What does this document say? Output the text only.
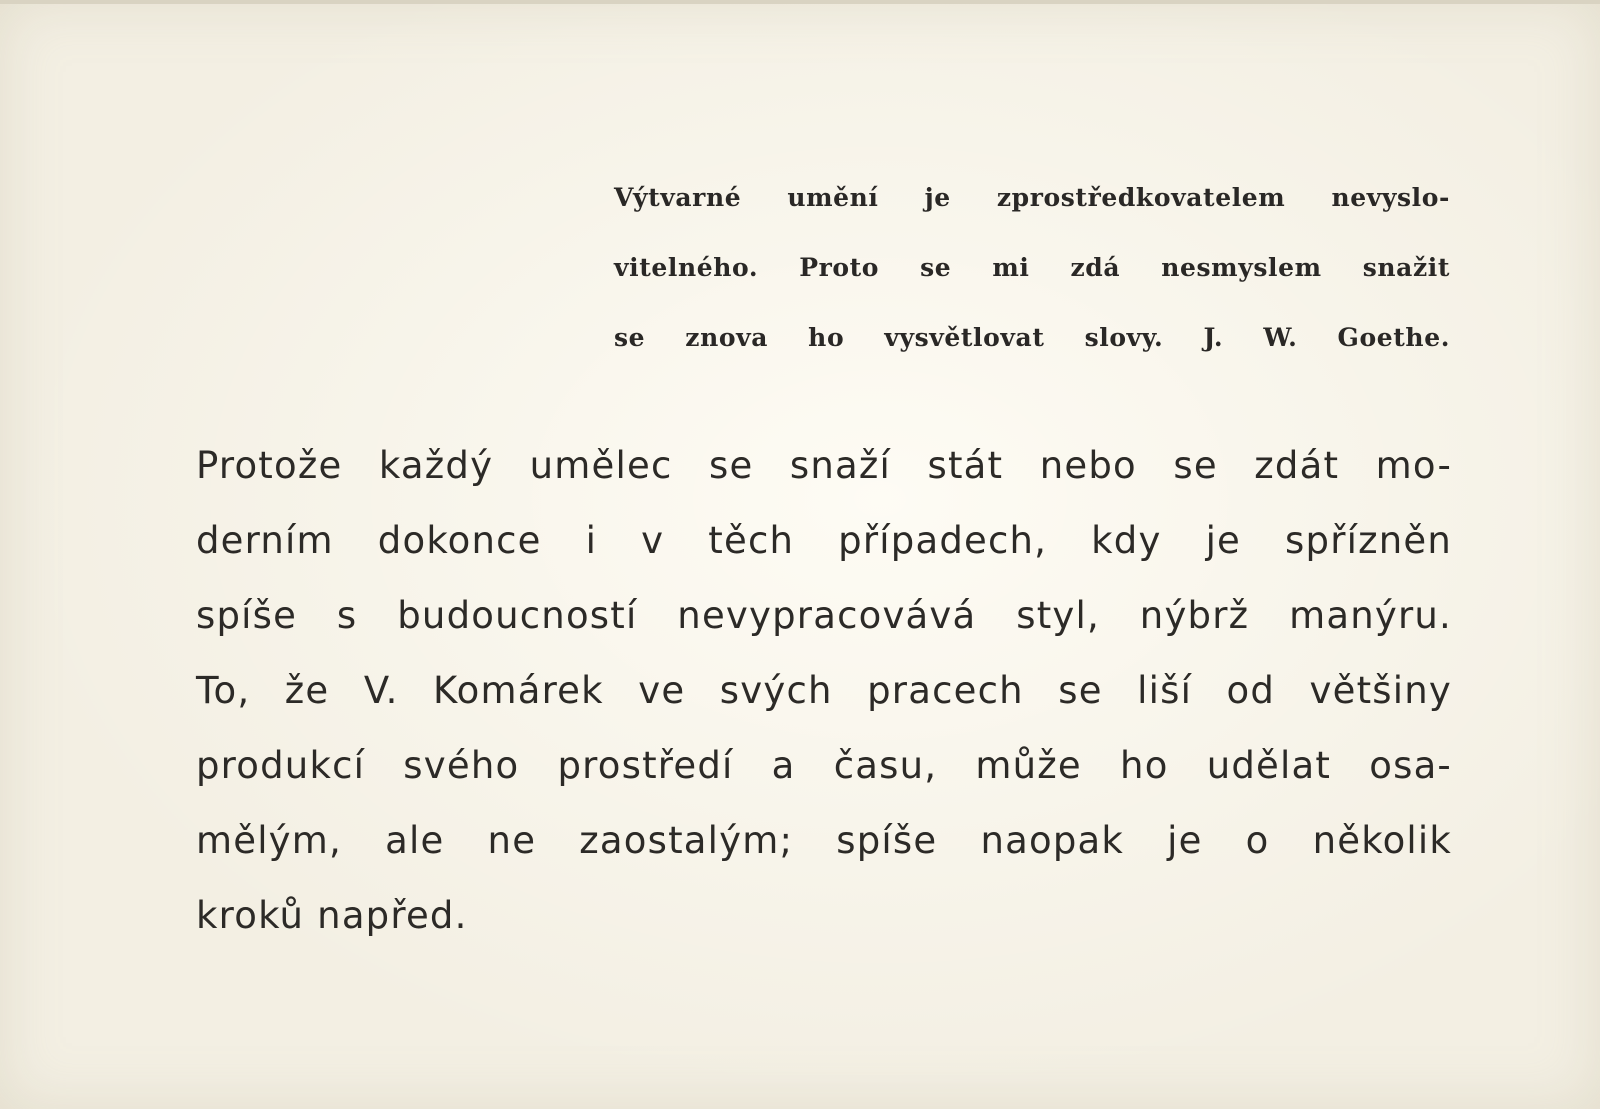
Výtvarné umění je zprostředkovatelem nevyslo-
vitelného. Proto se mi zdá nesmyslem snažit
se znova ho vysvětlovat slovy. J. W. Goethe.
Protože každý umělec se snaží stát nebo se zdát mo-
derním dokonce i v těch případech, kdy je spřízněn
spíše s budoucností nevypracovává styl, nýbrž manýru.
To, že V. Komárek ve svých pracech se liší od většiny
produkcí svého prostředí a času, může ho udělat osa-
mělým, ale ne zaostalým; spíše naopak je o několik
kroků napřed.
